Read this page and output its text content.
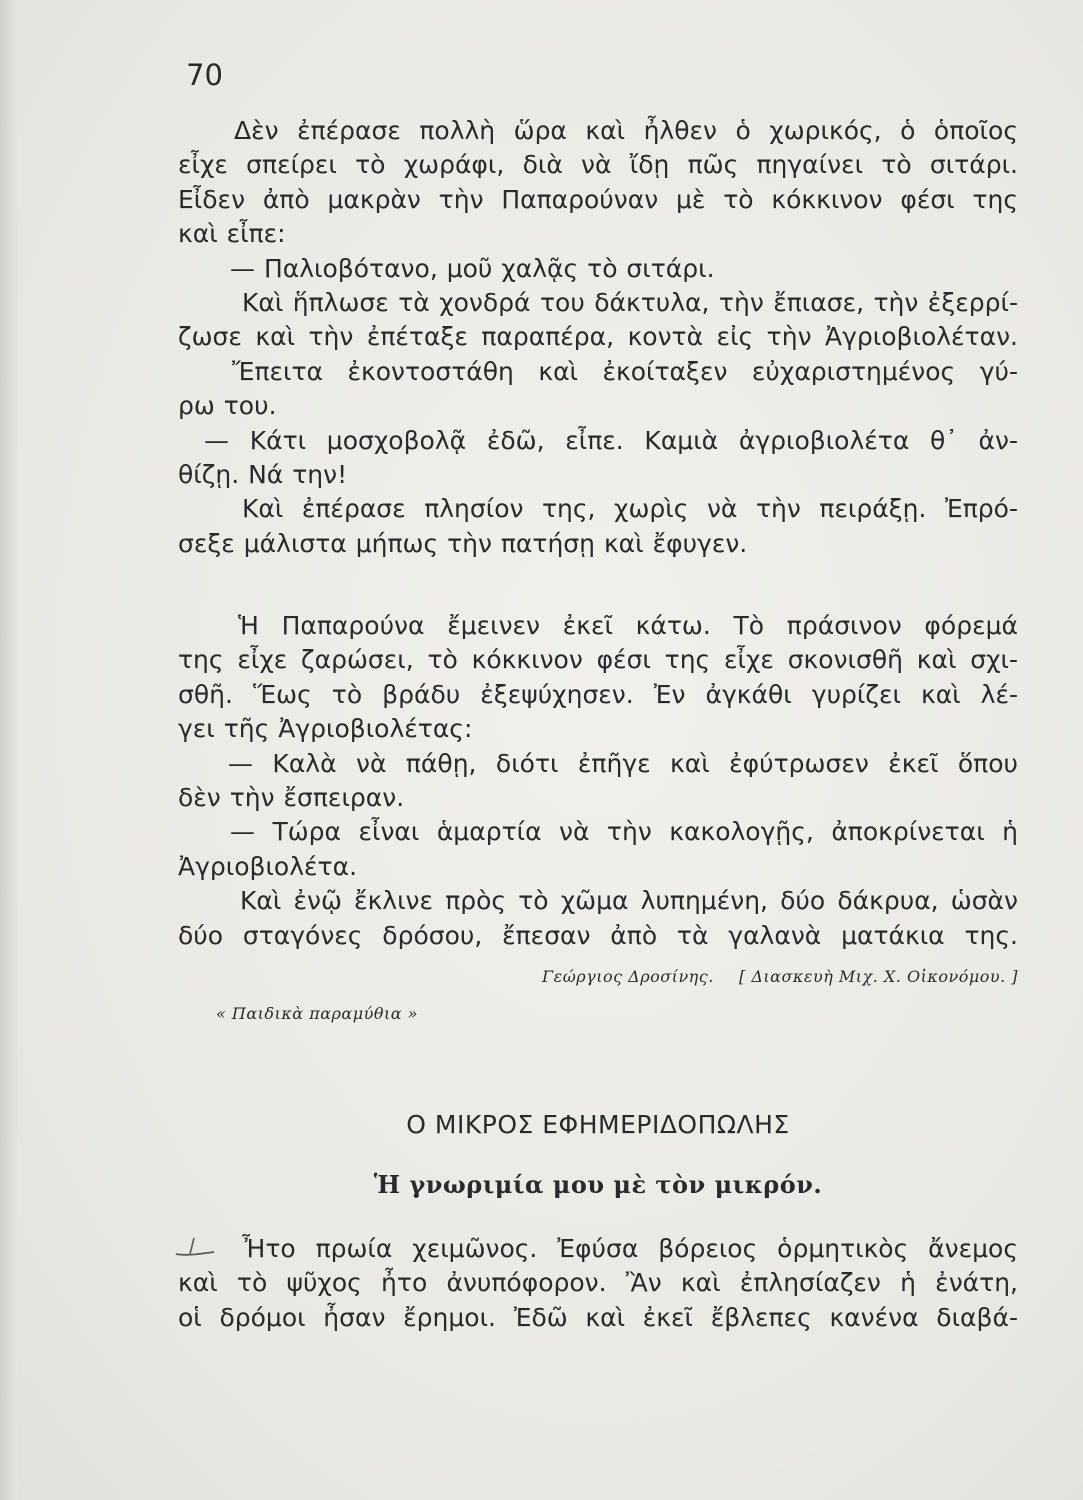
70
Δὲν ἐπέρασε πολλὴ ὥρα καὶ ἦλθεν ὁ χωρικός, ὁ ὁποῖος
εἶχε σπείρει τὸ χωράφι, διὰ νὰ ἴδῃ πῶς πηγαίνει τὸ σιτάρι.
Εἶδεν ἀπὸ μακρὰν τὴν Παπαρούναν μὲ τὸ κόκκινον φέσι της
καὶ εἶπε:
— Παλιοβότανο, μοῦ χαλᾷς τὸ σιτάρι.
Καὶ ἥπλωσε τὰ χονδρά του δάκτυλα, τὴν ἔπιασε, τὴν ἐξερρί-
ζωσε καὶ τὴν ἐπέταξε παραπέρα, κοντὰ εἰς τὴν Ἀγριοβιολέταν.
Ἔπειτα ἐκοντοστάθη καὶ ἐκοίταξεν εὐχαριστημένος γύ-
ρω του.
— Κάτι μοσχοβολᾷ ἐδῶ, εἶπε. Καμιὰ ἀγριοβιολέτα θ᾽ ἀν-
θίζῃ. Νά την!
Καὶ ἐπέρασε πλησίον της, χωρὶς νὰ τὴν πειράξῃ. Ἐπρό-
σεξε μάλιστα μήπως τὴν πατήσῃ καὶ ἔφυγεν.
Ἡ Παπαρούνα ἔμεινεν ἐκεῖ κάτω. Τὸ πράσινον φόρεμά
της εἶχε ζαρώσει, τὸ κόκκινον φέσι της εἶχε σκονισθῆ καὶ σχι-
σθῆ. Ἕως τὸ βράδυ ἐξεψύχησεν. Ἐν ἀγκάθι γυρίζει καὶ λέ-
γει τῆς Ἀγριοβιολέτας:
— Καλὰ νὰ πάθῃ, διότι ἐπῆγε καὶ ἐφύτρωσεν ἐκεῖ ὅπου
δὲν τὴν ἔσπειραν.
— Τώρα εἶναι ἁμαρτία νὰ τὴν κακολογῇς, ἀποκρίνεται ἡ
Ἀγριοβιολέτα.
Καὶ ἐνῷ ἔκλινε πρὸς τὸ χῶμα λυπημένη, δύο δάκρυα, ὡσὰν
δύο σταγόνες δρόσου, ἔπεσαν ἀπὸ τὰ γαλανὰ ματάκια της.
Γεώργιος Δροσίνης. [ Διασκευὴ Μιχ. Χ. Οἰκονόμου. ]
« Παιδικὰ παραμύθια »
Ο ΜΙΚΡΟΣ ΕΦΗΜΕΡΙΔΟΠΩΛΗΣ
Ἡ γνωριμία μου μὲ τὸν μικρόν.
Ἦτο πρωία χειμῶνος. Ἐφύσα βόρειος ὁρμητικὸς ἄνεμος
καὶ τὸ ψῦχος ἦτο ἀνυπόφορον. Ἂν καὶ ἐπλησίαζεν ἡ ἐνάτη,
οἱ δρόμοι ἦσαν ἔρημοι. Ἐδῶ καὶ ἐκεῖ ἔβλεπες κανένα διαβά-
